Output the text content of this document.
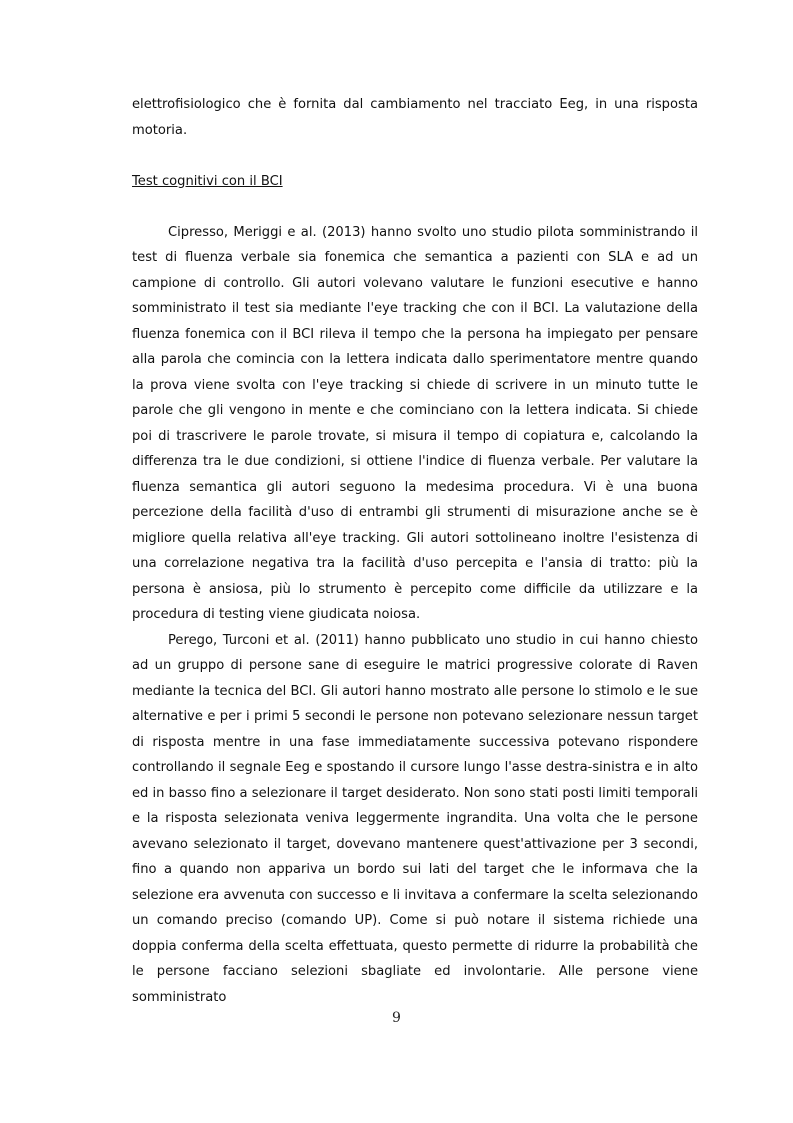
elettrofisiologico che è fornita dal cambiamento nel tracciato Eeg, in una risposta motoria.

Test cognitivi con il BCI

Cipresso, Meriggi e al. (2013) hanno svolto uno studio pilota somministrando il test di fluenza verbale sia fonemica che semantica a pazienti con SLA e ad un campione di controllo. Gli autori volevano valutare le funzioni esecutive e hanno somministrato il test sia mediante l'eye tracking che con il BCI. La valutazione della fluenza fonemica con il BCI rileva il tempo che la persona ha impiegato per pensare alla parola che comincia con la lettera indicata dallo sperimentatore mentre quando la prova viene svolta con l'eye tracking si chiede di scrivere in un minuto tutte le parole che gli vengono in mente e che cominciano con la lettera indicata. Si chiede poi di trascrivere le parole trovate, si misura il tempo di copiatura e, calcolando la differenza tra le due condizioni, si ottiene l'indice di fluenza verbale. Per valutare la fluenza semantica gli autori seguono la medesima procedura. Vi è una buona percezione della facilità d'uso di entrambi gli strumenti di misurazione anche se è migliore quella relativa all'eye tracking. Gli autori sottolineano inoltre l'esistenza di una correlazione negativa tra la facilità d'uso percepita e l'ansia di tratto: più la persona è ansiosa, più lo strumento è percepito come difficile da utilizzare e la procedura di testing viene giudicata noiosa.

Perego, Turconi et al. (2011) hanno pubblicato uno studio in cui hanno chiesto ad un gruppo di persone sane di eseguire le matrici progressive colorate di Raven mediante la tecnica del BCI. Gli autori hanno mostrato alle persone lo stimolo e le sue alternative e per i primi 5 secondi le persone non potevano selezionare nessun target di risposta mentre in una fase immediatamente successiva potevano rispondere controllando il segnale Eeg e spostando il cursore lungo l'asse destra-sinistra e in alto ed in basso fino a selezionare il target desiderato. Non sono stati posti limiti temporali e la risposta selezionata veniva leggermente ingrandita. Una volta che le persone avevano selezionato il target, dovevano mantenere quest'attivazione per 3 secondi, fino a quando non appariva un bordo sui lati del target che le informava che la selezione era avvenuta con successo e li invitava a confermare la scelta selezionando un comando preciso (comando UP). Come si può notare il sistema richiede una doppia conferma della scelta effettuata, questo permette di ridurre la probabilità che le persone facciano selezioni sbagliate ed involontarie. Alle persone viene somministrato

9
